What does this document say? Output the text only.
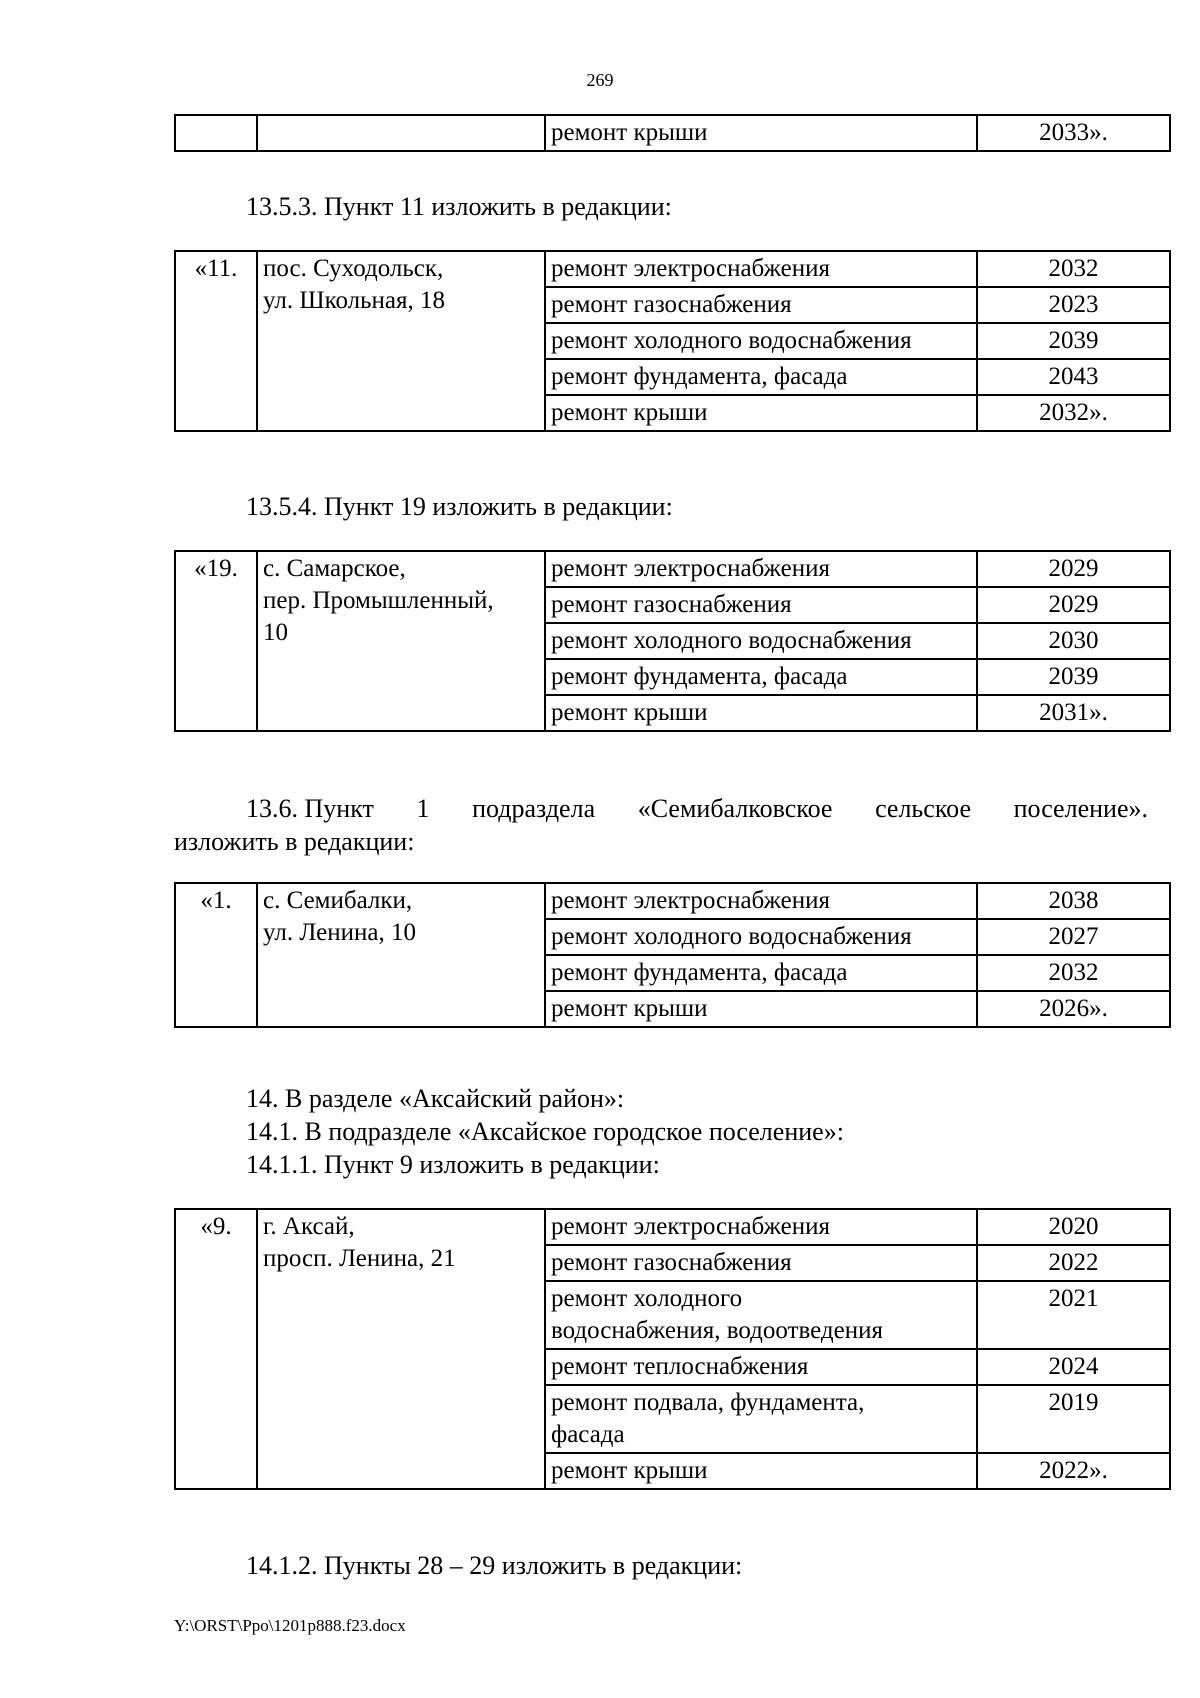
269
		ремонт крыши	2033».
13.5.3. Пункт 11 изложить в редакции:
«11.	пос. Суходольск,
ул. Школьная, 18	ремонт электроснабжения	2032
		ремонт газоснабжения	2023
		ремонт холодного водоснабжения	2039
		ремонт фундамента, фасада	2043
		ремонт крыши	2032».
13.5.4. Пункт 19 изложить в редакции:
«19.	с. Самарское,
пер. Промышленный,
10	ремонт электроснабжения	2029
		ремонт газоснабжения	2029
		ремонт холодного водоснабжения	2030
		ремонт фундамента, фасада	2039
		ремонт крыши	2031».
13.6. Пункт 1 подраздела «Семибалковское сельское поселение».
изложить в редакции:
«1.	с. Семибалки,
ул. Ленина, 10	ремонт электроснабжения	2038
		ремонт холодного водоснабжения	2027
		ремонт фундамента, фасада	2032
		ремонт крыши	2026».
14. В разделе «Аксайский район»:
14.1. В подразделе «Аксайское городское поселение»:
14.1.1. Пункт 9 изложить в редакции:
«9.	г. Аксай,
просп. Ленина, 21	ремонт электроснабжения	2020

		ремонт газоснабжения	2022

		ремонт холодного
водоснабжения, водоотведения	2021

		ремонт теплоснабжения	2024

		ремонт подвала, фундамента,
фасада	2019

		ремонт крыши	2022».
14.1.2. Пункты 28 – 29 изложить в редакции:
Y:\ORST\Ppo\1201p888.f23.docx
